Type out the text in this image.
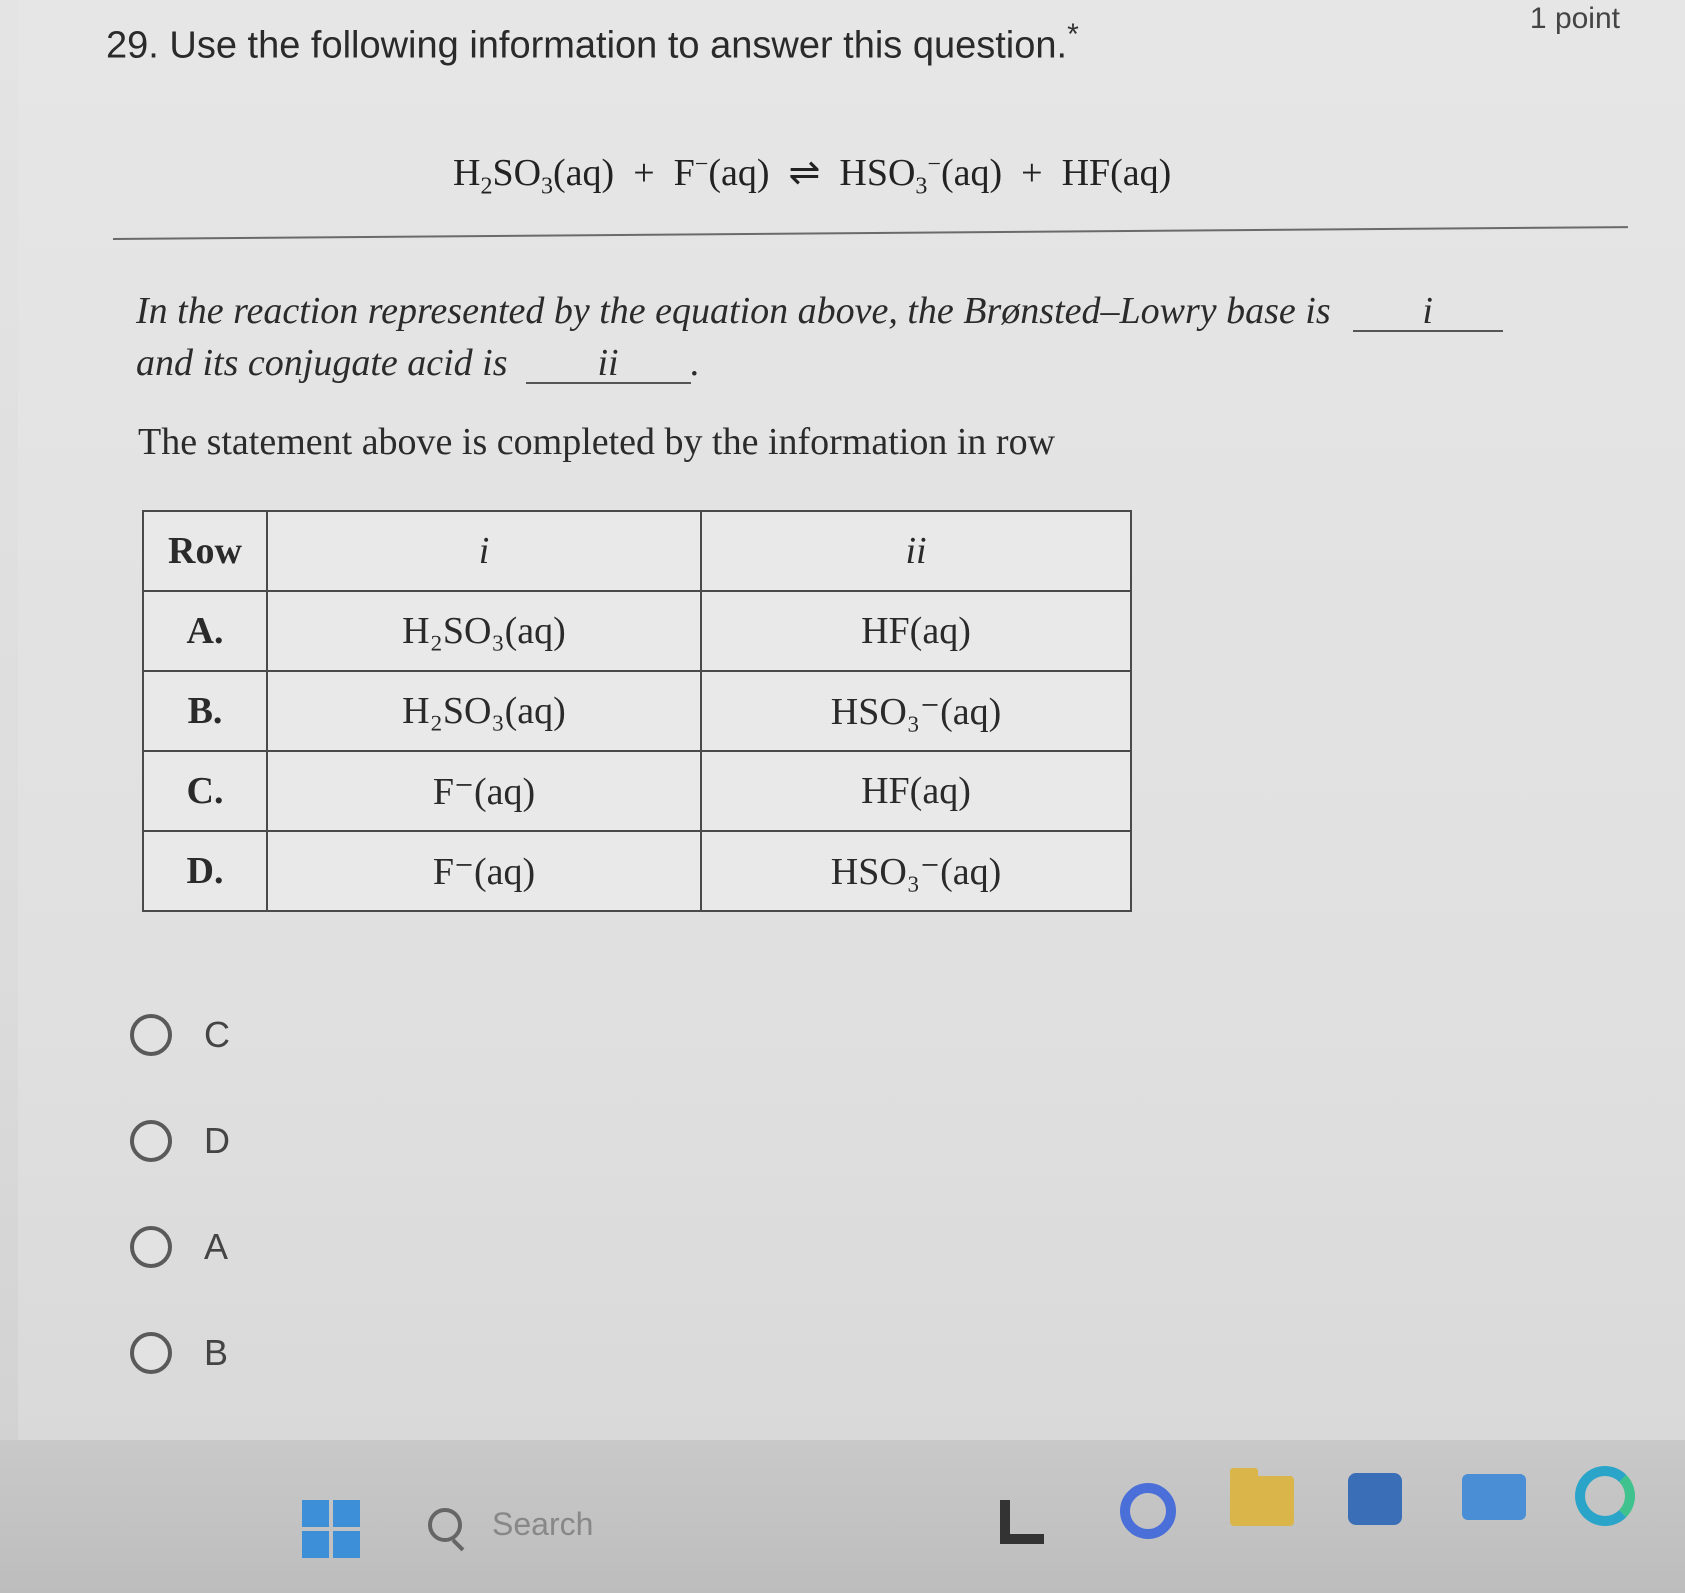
29. Use the following information to answer this question.*	1 point
$H_2SO_3(aq) + F^-(aq)$ ⇌ $HSO_3^-(aq) + HF(aq)$
In the reaction represented by the equation above, the Brønsted–Lowry base is i
and its conjugate acid is ii .
The statement above is completed by the information in row
Row	i	ii
A.	H₂SO₃(aq)	HF(aq)
B.	H₂SO₃(aq)	HSO₃⁻(aq)
C.	F⁻(aq)	HF(aq)
D.	F⁻(aq)	HSO₃⁻(aq)
C
D
A
B
Search
